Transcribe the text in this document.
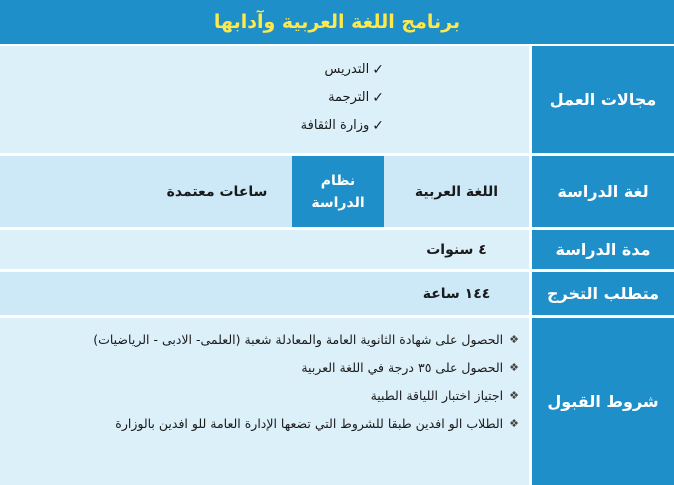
برنامج اللغة العربية وآدابها
مجالات العمل
✓
التدريس
✓
الترجمة
✓
وزارة الثقافة
لغة الدراسة
اللغة العربية
نظام
الدراسة
ساعات معتمدة
مدة الدراسة
٤ سنوات
متطلب التخرج
١٤٤ ساعة
شروط القبول
❖
الحصول على شهادة الثانوية العامة والمعادلة شعبة (العلمى- الادبى - الرياضيات)
❖
الحصول على ٣٥ درجة في اللغة العربية
❖
اجتياز اختبار اللياقة الطبية
❖
الطلاب الو افدين طبقا للشروط التي تضعها الإدارة العامة للو افدين بالوزارة
